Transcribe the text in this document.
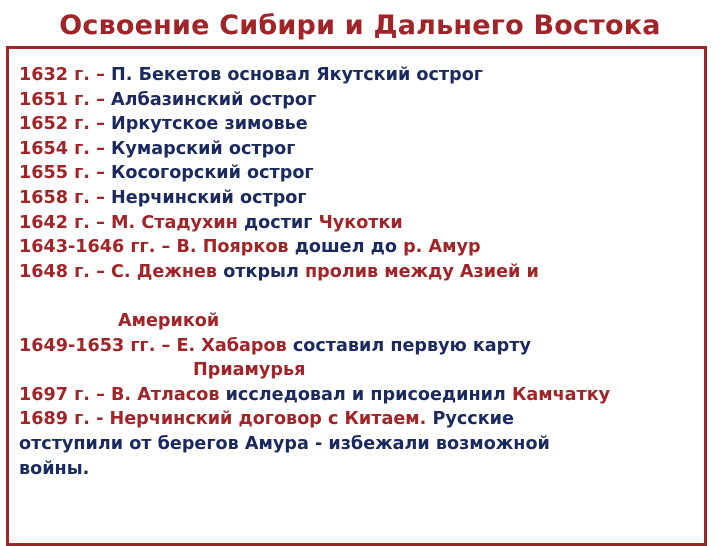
Освоение Сибири и Дальнего Востока
1632 г. – П. Бекетов основал Якутский острог
1651 г. – Албазинский острог
1652 г. – Иркутское зимовье
1654 г. – Кумарский острог
1655 г. – Косогорский острог
1658 г. – Нерчинский острог
1642 г. – М. Стадухин достиг Чукотки
1643-1646 гг. – В. Поярков дошел до р. Амур
1648 г. – С. Дежнев открыл пролив между Азией и
Америкой
1649-1653 гг. – Е. Хабаров составил первую карту
Приамурья
1697 г. – В. Атласов исследовал и присоединил Камчатку
1689 г. - Нерчинский договор с Китаем. Русские
отступили от берегов Амура - избежали возможной
войны.
